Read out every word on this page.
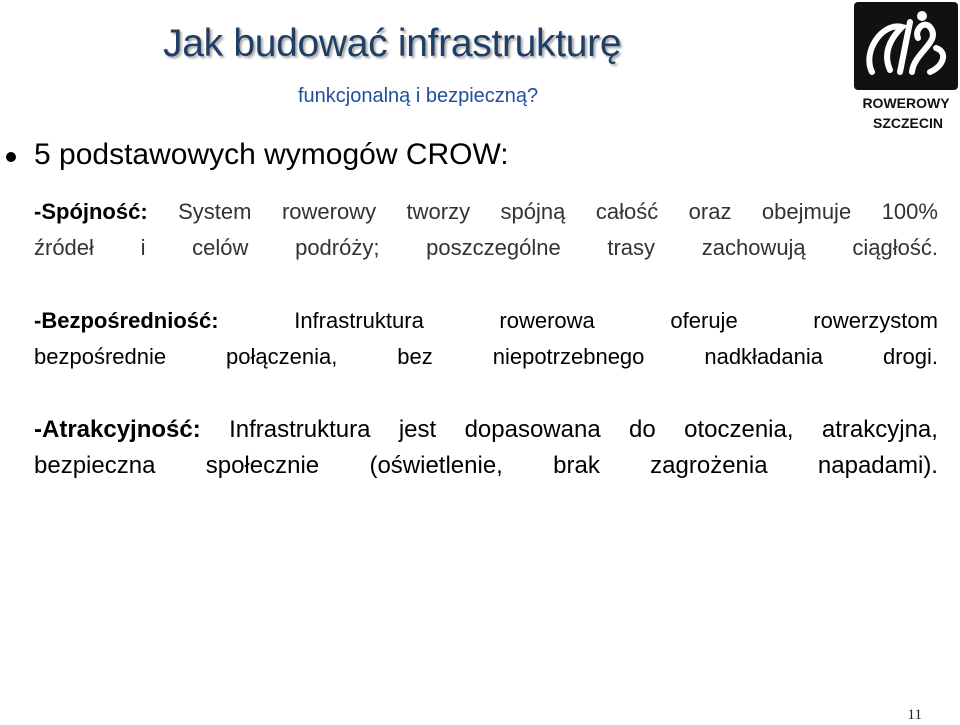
Jak budować infrastrukturę
funkcjonalną i bezpieczną?	ROWEROWY
SZCZECIN
5 podstawowych wymogów CROW:
-Spójność: System rowerowy tworzy spójną całość oraz obejmuje 100%
źródeł i celów podróży; poszczególne trasy zachowują ciągłość.
-Bezpośredniość:	Infrastruktura	rowerowa	oferuje	rowerzystom
bezpośrednie	połączenia,	bez	niepotrzebnego	nadkładania	drogi.
-Atrakcyjność: Infrastruktura jest dopasowana do otoczenia, atrakcyjna,
bezpieczna społecznie (oświetlenie, brak zagrożenia napadami).
11
